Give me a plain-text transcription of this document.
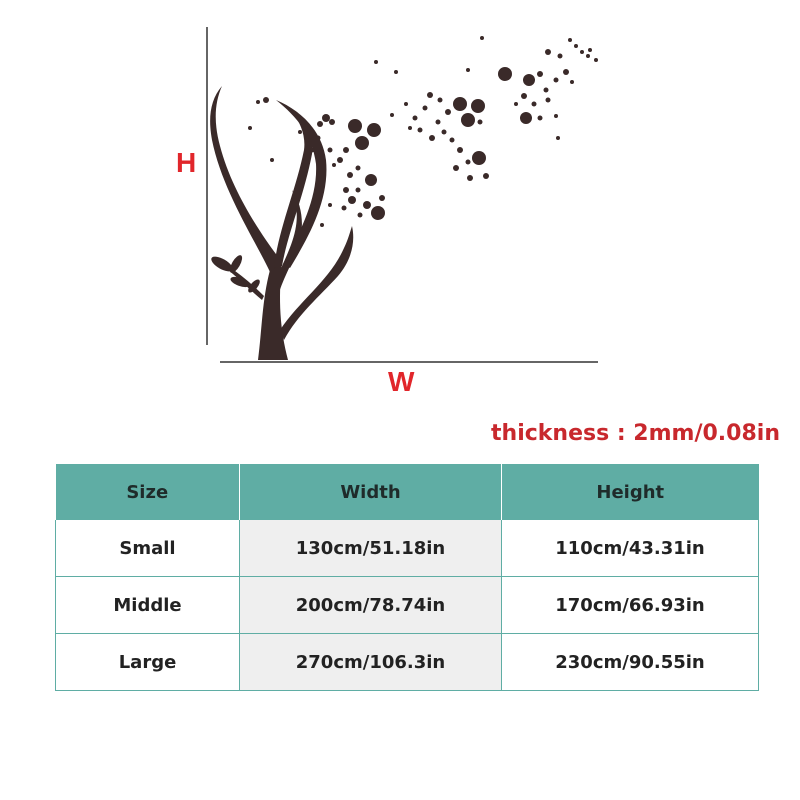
H
W
thickness : 2mm/0.08in
Size	Width	Height
Small	130cm/51.18in	110cm/43.31in
Middle	200cm/78.74in	170cm/66.93in
Large	270cm/106.3in	230cm/90.55in
